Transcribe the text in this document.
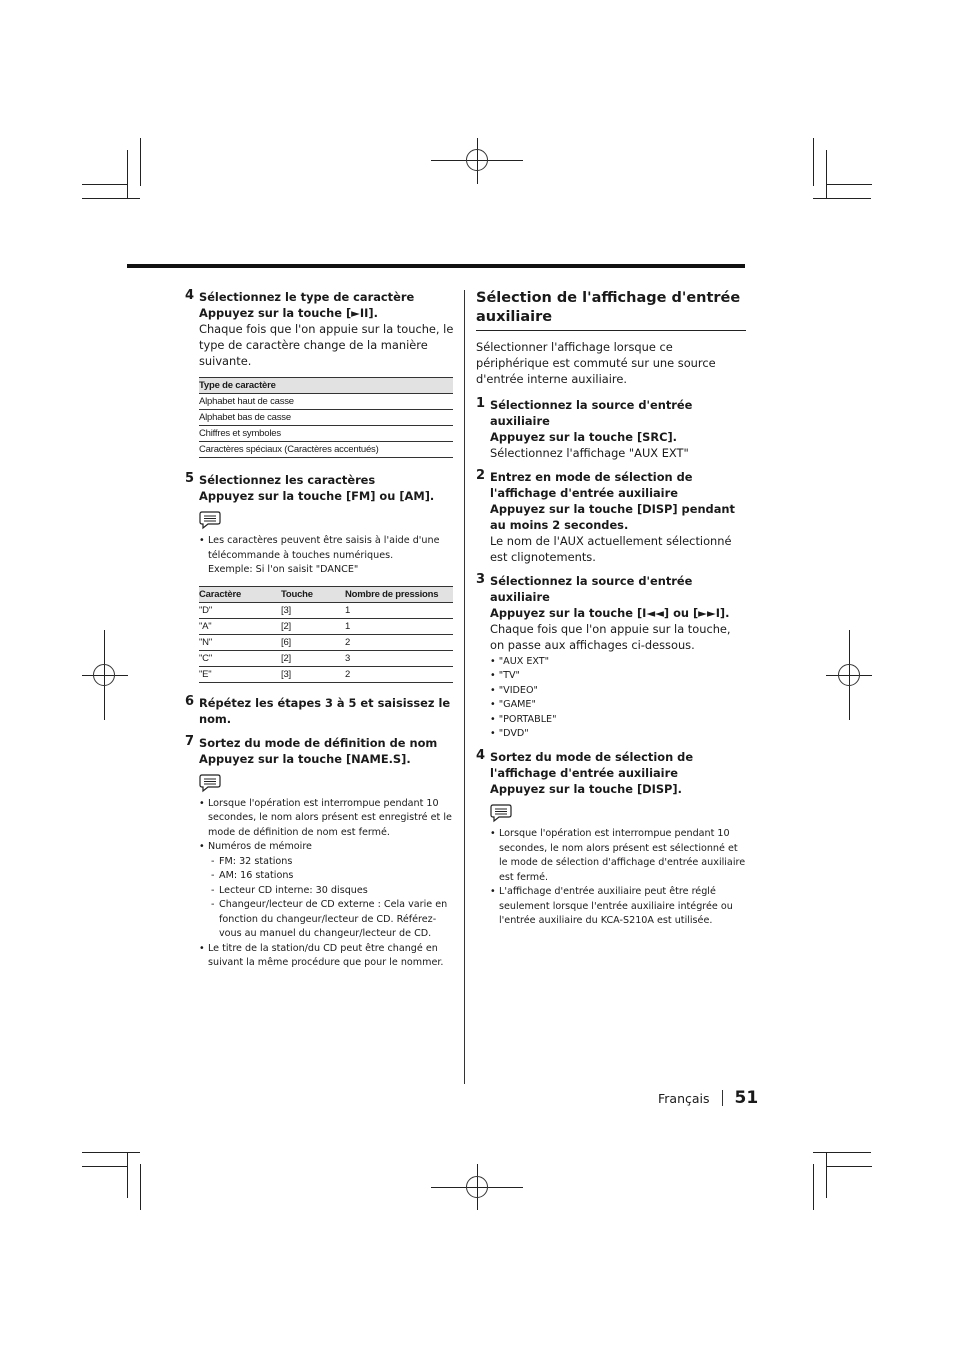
4 Sélectionnez le type de caractère

Appuyez sur la touche [►II].

Chaque fois que l'on appuie sur la touche, le type de caractère change de la manière suivante.

Type de caractère
Alphabet haut de casse
Alphabet bas de casse
Chiffres et symboles
Caractères spéciaux (Caractères accentués)
5 Sélectionnez les caractères

Appuyez sur la touche [FM] ou [AM].

• Les caractères peuvent être saisis à l'aide d'une télécommande à touches numériques.
Exemple: Si l'on saisit "DANCE"
Caractère	Touche	Nombre de pressions
"D"	[3]	1
"A"	[2]	1
"N"	[6]	2
"C"	[2]	3
"E"	[3]	2
6 Répétez les étapes 3 à 5 et saisissez le nom.

7 Sortez du mode de définition de nom

Appuyez sur la touche [NAME.S].

• Lorsque l'opération est interrompue pendant 10 secondes, le nom alors présent est enregistré et le mode de définition de nom est fermé.
• Numéros de mémoire
- FM: 32 stations
- AM: 16 stations
- Lecteur CD interne: 30 disques
- Changeur/lecteur de CD externe : Cela varie en fonction du changeur/lecteur de CD. Référez-vous au manuel du changeur/lecteur de CD.
• Le titre de la station/du CD peut être changé en suivant la même procédure que pour le nommer.
Sélection de l'affichage d'entrée auxiliaire

Sélectionner l'affichage lorsque ce périphérique est commuté sur une source d'entrée interne auxiliaire.

1 Sélectionnez la source d'entrée auxiliaire

Appuyez sur la touche [SRC].

Sélectionnez l'affichage "AUX EXT"

2 Entrez en mode de sélection de l'affichage d'entrée auxiliaire

Appuyez sur la touche [DISP] pendant au moins 2 secondes.

Le nom de l'AUX actuellement sélectionné est clignotements.

3 Sélectionnez la source d'entrée auxiliaire

Appuyez sur la touche [I◄◄] ou [►►I].

Chaque fois que l'on appuie sur la touche, on passe aux affichages ci-dessous.

• "AUX EXT"
• "TV"
• "VIDEO"
• "GAME"
• "PORTABLE"
• "DVD"
4 Sortez du mode de sélection de l'affichage d'entrée auxiliaire

Appuyez sur la touche [DISP].

• Lorsque l'opération est interrompue pendant 10 secondes, le nom alors présent est sélectionné et le mode de sélection d'affichage d'entrée auxiliaire est fermé.
• L'affichage d'entrée auxiliaire peut être réglé seulement lorsque l'entrée auxiliaire intégrée ou l'entrée auxiliaire du KCA-S210A est utilisée.
Français 51
